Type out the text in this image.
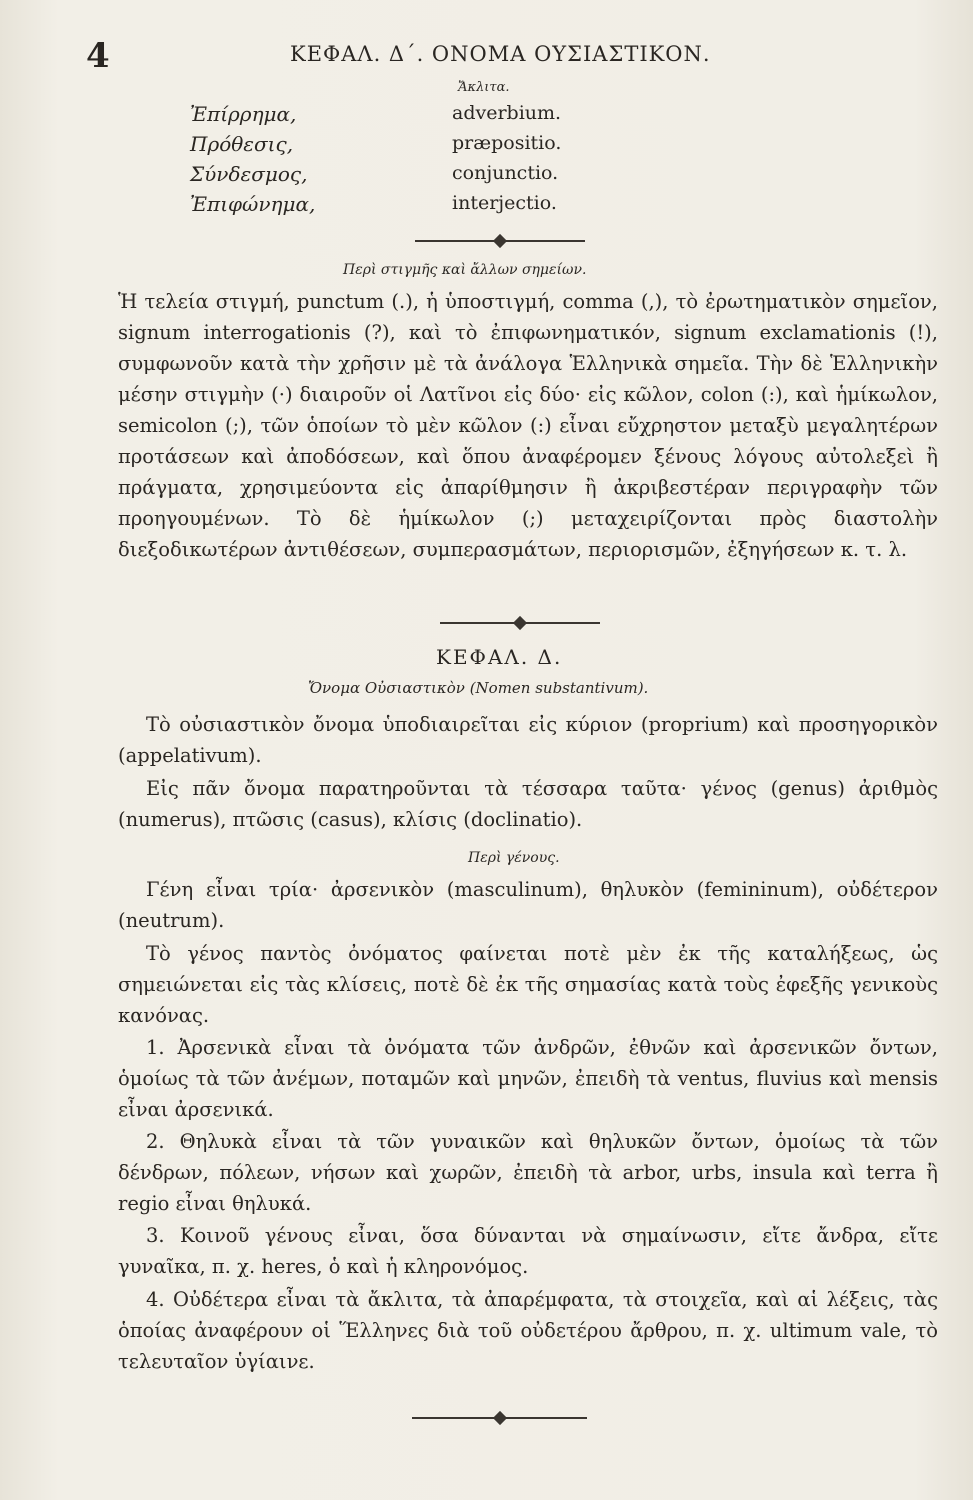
4	ΚΕΦΑΛ. Δ΄. ΟΝΟΜΑ ΟΥΣΙΑΣΤΙΚΟΝ.
Ἄκλιτα.
Ἐπίρρημα,	adverbium.
Πρόθεσις,	præpositio.
Σύνδεσμος,	conjunctio.
Ἐπιφώνημα,	interjectio.
Περὶ στιγμῆς καὶ ἄλλων σημείων.

Ἡ τελεία στιγμή, punctum (.), ἡ ὑποστιγμή, comma (,), τὸ ἐρωτηματικὸν σημεῖον, signum interrogationis (?), καὶ τὸ ἐπιφωνηματικόν, signum exclamationis (!), συμφωνοῦν κατὰ τὴν χρῆσιν μὲ τὰ ἀνάλογα Ἑλληνικὰ σημεῖα. Τὴν δὲ Ἑλληνικὴν μέσην στιγμὴν (·) διαιροῦν οἱ Λατῖνοι εἰς δύο· εἰς κῶλον, colon (:), καὶ ἡμίκωλον, semicolon (;), τῶν ὁποίων τὸ μὲν κῶλον (:) εἶναι εὔχρηστον μεταξὺ μεγαλητέρων προτάσεων καὶ ἀποδόσεων, καὶ ὅπου ἀναφέρομεν ξένους λόγους αὐτολεξεὶ ἢ πράγματα, χρησιμεύοντα εἰς ἀπαρίθμησιν ἢ ἀκριβεστέραν περιγραφὴν τῶν προηγουμένων. Τὸ δὲ ἡμίκωλον (;) μεταχειρίζονται πρὸς διαστολὴν διεξοδικωτέρων ἀντιθέσεων, συμπερασμάτων, περιορισμῶν, ἐξηγήσεων κ. τ. λ.

ΚΕΦΑΛ. Δ.
Ὄνομα Οὐσιαστικὸν (Nomen substantivum).

Τὸ οὐσιαστικὸν ὄνομα ὑποδιαιρεῖται εἰς κύριον (proprium) καὶ προσηγορικὸν (appelativum).

Εἰς πᾶν ὄνομα παρατηροῦνται τὰ τέσσαρα ταῦτα· γένος (genus) ἀριθμὸς (numerus), πτῶσις (casus), κλίσις (doclinatio).

Περὶ γένους.

Γένη εἶναι τρία· ἀρσενικὸν (masculinum), θηλυκὸν (femininum), οὐδέτερον (neutrum).

Τὸ γένος παντὸς ὀνόματος φαίνεται ποτὲ μὲν ἐκ τῆς καταλήξεως, ὡς σημειώνεται εἰς τὰς κλίσεις, ποτὲ δὲ ἐκ τῆς σημασίας κατὰ τοὺς ἐφεξῆς γενικοὺς κανόνας.

1. Ἀρσενικὰ εἶναι τὰ ὀνόματα τῶν ἀνδρῶν, ἐθνῶν καὶ ἀρσενικῶν ὄντων, ὁμοίως τὰ τῶν ἀνέμων, ποταμῶν καὶ μηνῶν, ἐπειδὴ τὰ ventus, fluvius καὶ mensis εἶναι ἀρσενικά.

2. Θηλυκὰ εἶναι τὰ τῶν γυναικῶν καὶ θηλυκῶν ὄντων, ὁμοίως τὰ τῶν δένδρων, πόλεων, νήσων καὶ χωρῶν, ἐπειδὴ τὰ arbor, urbs, insula καὶ terra ἢ regio εἶναι θηλυκά.

3. Κοινοῦ γένους εἶναι, ὅσα δύνανται νὰ σημαίνωσιν, εἴτε ἄνδρα, εἴτε γυναῖκα, π. χ. heres, ὁ καὶ ἡ κληρονόμος.

4. Οὐδέτερα εἶναι τὰ ἄκλιτα, τὰ ἀπαρέμφατα, τὰ στοιχεῖα, καὶ αἱ λέξεις, τὰς ὁποίας ἀναφέρουν οἱ Ἕλληνες διὰ τοῦ οὐδετέρου ἄρθρου, π. χ. ultimum vale, τὸ τελευταῖον ὑγίαινε.
